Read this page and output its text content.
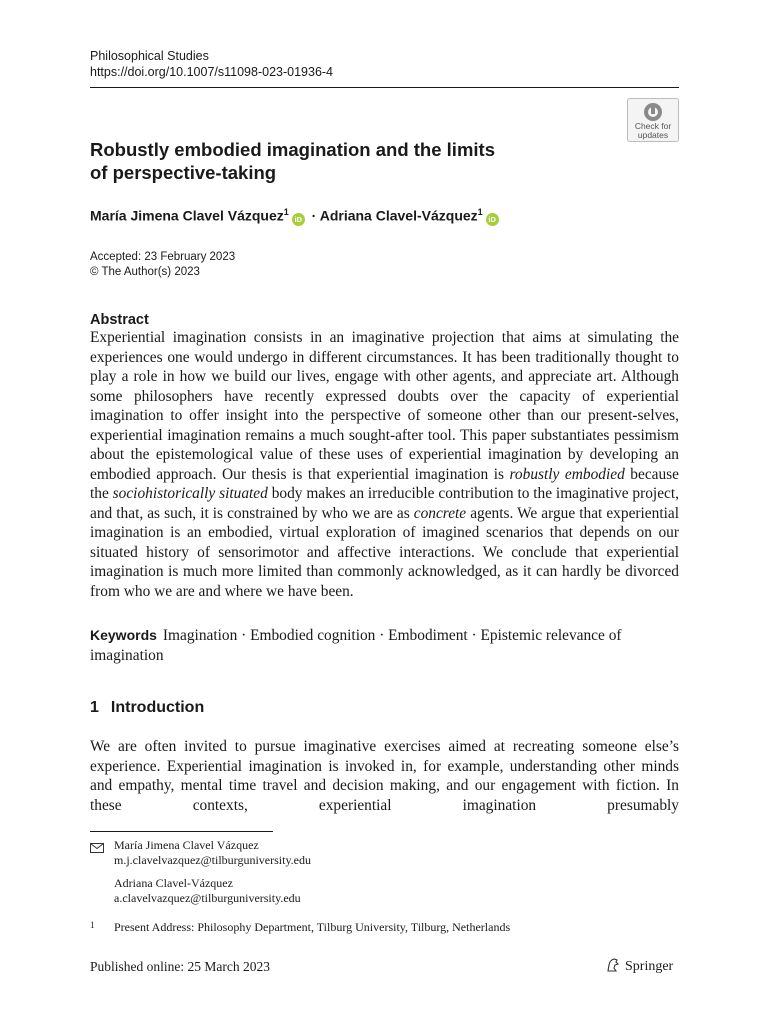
Philosophical Studies
https://doi.org/10.1007/s11098-023-01936-4
Check for
updates
Robustly embodied imagination and the limits
of perspective-taking
María Jimena Clavel Vázquez$^1$iD · Adriana Clavel-Vázquez$^1$iD
Accepted: 23 February 2023
© The Author(s) 2023
Abstract
Experiential imagination consists in an imaginative projection that aims at simulating the experiences one would undergo in different circumstances. It has been traditionally thought to play a role in how we build our lives, engage with other agents, and appreciate art. Although some philosophers have recently expressed doubts over the capacity of experiential imagination to offer insight into the perspective of someone other than our present-selves, experiential imagination remains a much sought-after tool. This paper substantiates pessimism about the epistemological value of these uses of experiential imagination by developing an embodied approach. Our thesis is that experiential imagination is robustly embodied because the sociohistorically situated body makes an irreducible contribution to the imaginative project, and that, as such, it is constrained by who we are as concrete agents. We argue that experiential imagination is an embodied, virtual exploration of imagined scenarios that depends on our situated history of sensorimotor and affective interactions. We conclude that experiential imagination is much more limited than commonly acknowledged, as it can hardly be divorced from who we are and where we have been.
Keywords Imagination · Embodied cognition · Embodiment · Epistemic relevance of imagination
1 Introduction
We are often invited to pursue imaginative exercises aimed at recreating someone else’s experience. Experiential imagination is invoked in, for example, understanding other minds and empathy, mental time travel and decision making, and our engagement with fiction. In these contexts, experiential imagination presumably
María Jimena Clavel Vázquez
m.j.clavelvazquez@tilburguniversity.edu
Adriana Clavel-Vázquez
a.clavelvazquez@tilburguniversity.edu
1 Present Address: Philosophy Department, Tilburg University, Tilburg, Netherlands
Published online: 25 March 2023	Springer
